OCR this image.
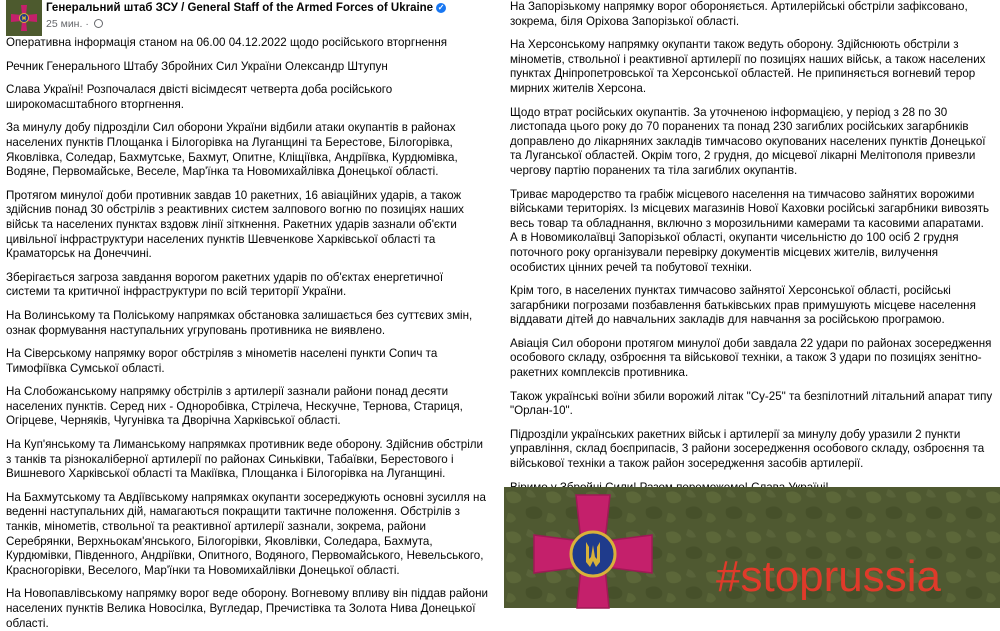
Генеральний штаб ЗСУ / General Staff of the Armed Forces of Ukraine ✓
25 мин. ·

Оперативна інформація станом на 06.00 04.12.2022 щодо російського вторгнення

Речник Генерального Штабу Збройних Сил України Олександр Штупун

Слава Україні! Розпочалася двісті вісімдесят четверта доба російського широкомасштабного вторгнення.

За минулу добу підрозділи Сил оборони України відбили атаки окупантів в районах населених пунктів Площанка і Білогорівка на Луганщині та Берестове, Білогорівка, Яковлівка, Соледар, Бахмутське, Бахмут, Опитне, Кліщіївка, Андріївка, Курдюмівка, Водяне, Первомайське, Веселе, Мар'їнка та Новомихайлівка Донецької області.

Протягом минулої доби противник завдав 10 ракетних, 16 авіаційних ударів, а також здійснив понад 30 обстрілів з реактивних систем залпового вогню по позиціях наших військ та населених пунктах вздовж лінії зіткнення. Ракетних ударів зазнали об'єкти цивільної інфраструктури населених пунктів Шевченкове Харківської області та Краматорськ на Донеччині.

Зберігається загроза завдання ворогом ракетних ударів по об'єктах енергетичної системи та критичної інфраструктури по всій території України.

На Волинському та Поліському напрямках обстановка залишається без суттєвих змін, ознак формування наступальних угруповань противника не виявлено.

На Сіверському напрямку ворог обстріляв з мінометів населені пункти Сопич та Тимофіївка Сумської області.

На Слобожанському напрямку обстрілів з артилерії зазнали райони понад десяти населених пунктів. Серед них - Одноробівка, Стрілеча, Нескучне, Тернова, Стариця, Огірцеве, Черняків, Чугунівка та Дворічна Харківської області.

На Куп'янському та Лиманському напрямках противник веде оборону. Здійснив обстріли з танків та різнокаліберної артилерії по районах Синьківки, Табаївки, Берестового і Вишневого Харківської області та Макіївка, Площанка і Білогорівка на Луганщині.

На Бахмутському та Авдіївському напрямках окупанти зосереджують основні зусилля на веденні наступальних дій, намагаються покращити тактичне положення. Обстрілів з танків, мінометів, ствольної та реактивної артилерії зазнали, зокрема, райони Серебрянки, Верхньокам'янського, Білогорівки, Яковлівки, Соледара, Бахмута, Курдюмівки, Південного, Андріївки, Опитного, Водяного, Первомайського, Невельського, Красногорівки, Веселого, Мар'їнки та Новомихайлівки Донецької області.

На Новопавлівському напрямку ворог веде оборону. Вогневому впливу він піддав райони населених пунктів Велика Новосілка, Вугледар, Пречистівка та Золота Нива Донецької області.

На Запорізькому напрямку ворог обороняється. Артилерійські обстріли зафіксовано, зокрема, біля Оріхова Запорізької області.

На Херсонському напрямку окупанти також ведуть оборону. Здійснюють обстріли з мінометів, ствольної і реактивної артилерії по позиціях наших військ, а також населених пунктах Дніпропетровської та Херсонської областей. Не припиняється вогневий терор мирних жителів Херсона.

Щодо втрат російських окупантів. За уточненою інформацією, у період з 28 по 30 листопада цього року до 70 поранених та понад 230 загиблих російських загарбників доправлено до лікарняних закладів тимчасово окупованих населених пунктів Донецької та Луганської областей. Окрім того, 2 грудня, до місцевої лікарні Мелітополя привезли чергову партію поранених та тіла загиблих окупантів.

Триває мародерство та грабіж місцевого населення на тимчасово зайнятих ворожими військами територіях. Із місцевих магазинів Нової Каховки російські загарбники вивозять весь товар та обладнання, включно з морозильними камерами та касовими апаратами. А в Новомиколаївці Запорізької області, окупанти чисельністю до 100 осіб 2 грудня поточного року організували перевірку документів місцевих жителів, вилучення особистих цінних речей та побутової техніки.

Крім того, в населених пунктах тимчасово зайнятої Херсонської області, російські загарбники погрозами позбавлення батьківських прав примушують місцеве населення віддавати дітей до навчальних закладів для навчання за російською програмою.

Авіація Сил оборони протягом минулої доби завдала 22 удари по районах зосередження особового складу, озброєння та військової техніки, а також 3 удари по позиціях зенітно-ракетних комплексів противника.

Також українські воїни збили ворожий літак "Су-25" та безпілотний літальний апарат типу "Орлан-10".

Підрозділи українських ракетних військ і артилерії за минулу добу уразили 2 пункти управління, склад боєприпасів, 3 райони зосередження особового складу, озброєння та військової техніки а також район зосередження засобів артилерії.

#stoprussia
